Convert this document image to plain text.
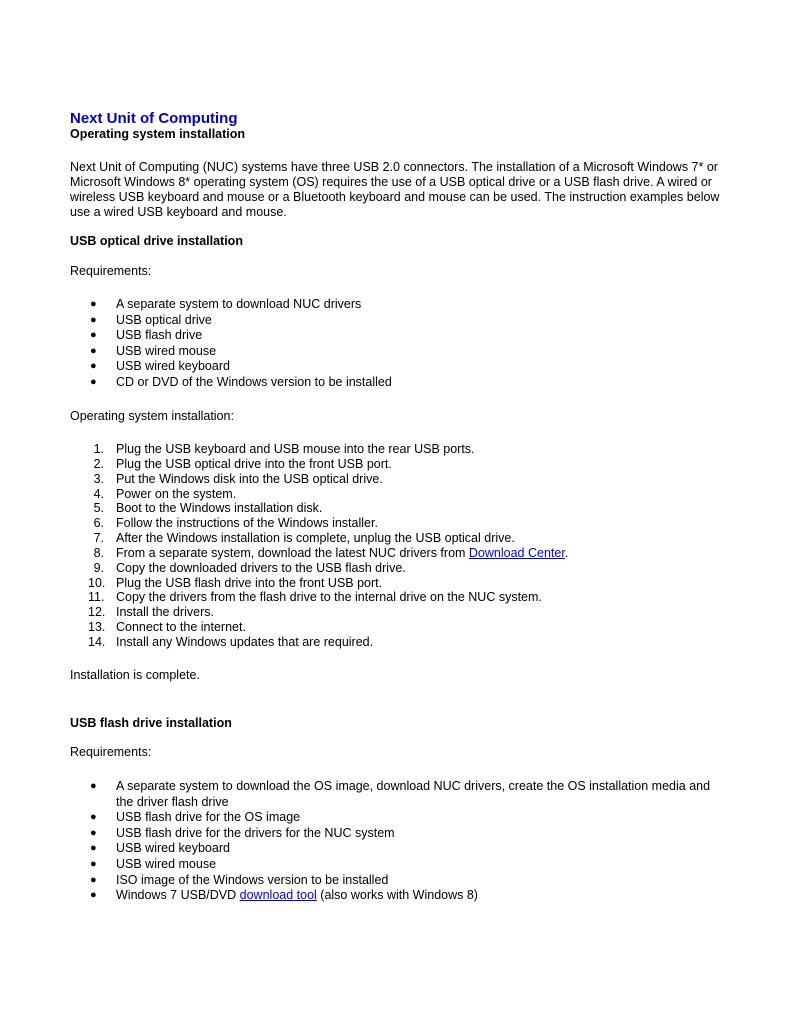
Next Unit of Computing
Operating system installation
Next Unit of Computing (NUC) systems have three USB 2.0 connectors. The installation of a Microsoft Windows 7* or Microsoft Windows 8* operating system (OS) requires the use of a USB optical drive or a USB flash drive. A wired or wireless USB keyboard and mouse or a Bluetooth keyboard and mouse can be used. The instruction examples below use a wired USB keyboard and mouse.
USB optical drive installation
Requirements:
●	A separate system to download NUC drivers
●	USB optical drive
●	USB flash drive
●	USB wired mouse
●	USB wired keyboard
●	CD or DVD of the Windows version to be installed
Operating system installation:
1. Plug the USB keyboard and USB mouse into the rear USB ports.
2. Plug the USB optical drive into the front USB port.
3. Put the Windows disk into the USB optical drive.
4. Power on the system.
5. Boot to the Windows installation disk.
6. Follow the instructions of the Windows installer.
7. After the Windows installation is complete, unplug the USB optical drive.
8. From a separate system, download the latest NUC drivers from Download Center.
9. Copy the downloaded drivers to the USB flash drive.
10. Plug the USB flash drive into the front USB port.
11. Copy the drivers from the flash drive to the internal drive on the NUC system.
12. Install the drivers.
13. Connect to the internet.
14. Install any Windows updates that are required.
Installation is complete.
USB flash drive installation
Requirements:
●	A separate system to download the OS image, download NUC drivers, create the OS installation media and the driver flash drive
●	USB flash drive for the OS image
●	USB flash drive for the drivers for the NUC system
●	USB wired keyboard
●	USB wired mouse
●	ISO image of the Windows version to be installed
●	Windows 7 USB/DVD download tool (also works with Windows 8)
